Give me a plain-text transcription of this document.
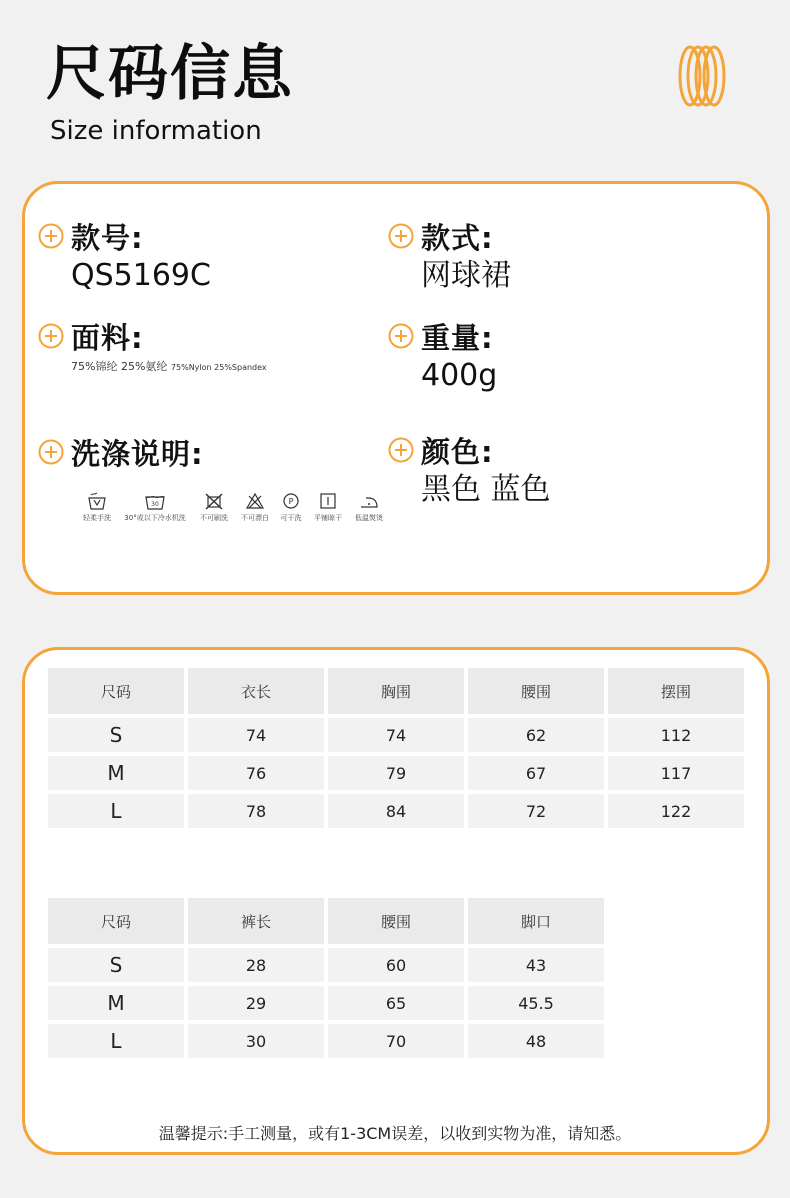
尺码信息
Size information
款号:
QS5169C
款式:
网球裙
面料:
75%锦纶 25%氨纶 75%Nylon 25%Spandex
重量:
400g
洗涤说明:
轻柔手洗
30
30°或以下冷水机洗 不可刷洗 不可漂白
P
可干洗 平铺晾干 低温熨烫
颜色:
黑色 蓝色
尺码	衣长	胸围	腰围	摆围
S	74	74	62	112
M	76	79	67	117
L	78	84	72	122
尺码	裤长	腰围	脚口
S	28	60	43
M	29	65	45.5
L	30	70	48
温馨提示:手工测量，或有1-3CM误差，以收到实物为准，请知悉。
